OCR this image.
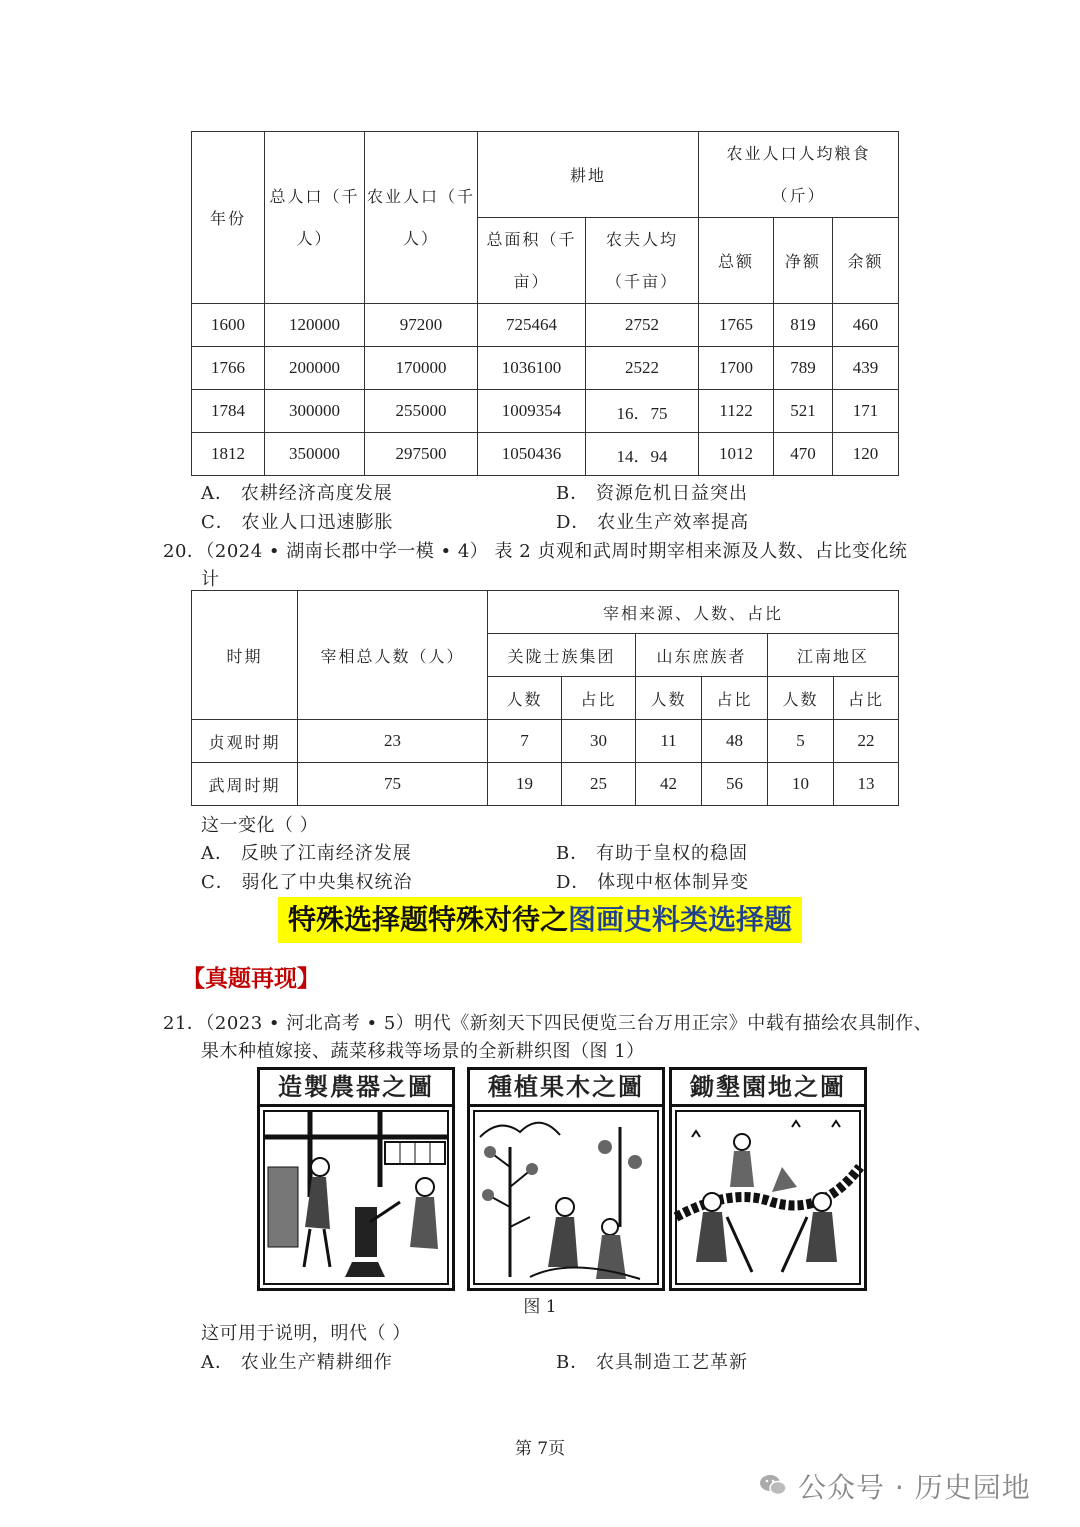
年份	总人口（千人）	农业人口（千人）	耕地		农业人口人均粮食（斤）		
			总面积（千亩）	农夫人均（千亩）	总额	净额	余额
1600	120000	97200	725464	2752	1765	819	460
1766	200000	170000	1036100	2522	1700	789	439
1784	300000	255000	1009354	16．75	1122	521	171
1812	350000	297500	1050436	14．94	1012	470	120
A． 农耕经济高度发展	B． 资源危机日益突出
C． 农业人口迅速膨胀	D． 农业生产效率提高
20．（2024 • 湖南长郡中学一模 • 4） 表 2 贞观和武周时期宰相来源及人数、占比变化统
计
时期	宰相总人数（人）	宰相来源、人数、占比					
		关陇士族集团		山东庶族者		江南地区	
		人数	占比	人数	占比	人数	占比
贞观时期	23	7	30	11	48	5	22
武周时期	75	19	25	42	56	10	13
这一变化（ ）
A． 反映了江南经济发展	B． 有助于皇权的稳固
C． 弱化了中央集权统治	D． 体现中枢体制异变
特殊选择题特殊对待之图画史料类选择题
【真题再现】
21．（2023 • 河北高考 • 5）明代《新刻天下四民便览三台万用正宗》中载有描绘农具制作、
果木种植嫁接、蔬菜移栽等场景的全新耕织图（图 1）
造製農器之圖	種植果木之圖	鋤墾園地之圖
图 1
这可用于说明，明代（ ）
A． 农业生产精耕细作	B． 农具制造工艺革新
第 7页
公众号 · 历史园地
